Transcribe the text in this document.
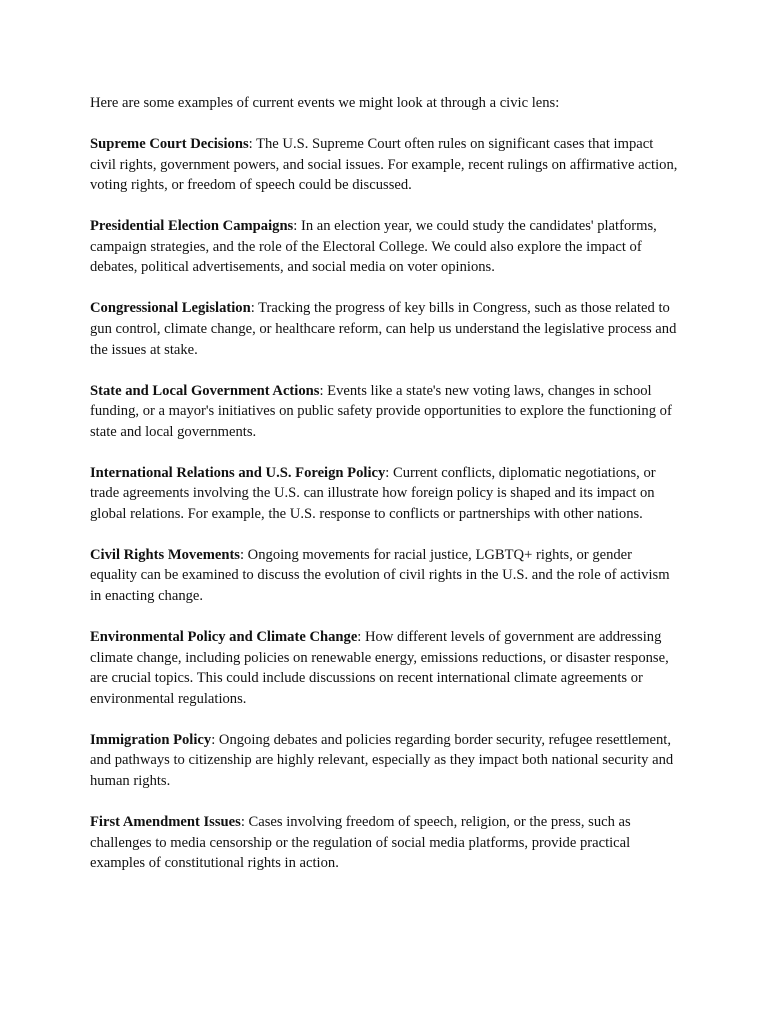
Here are some examples of current events we might look at through a civic lens:

Supreme Court Decisions: The U.S. Supreme Court often rules on significant cases that impact civil rights, government powers, and social issues. For example, recent rulings on affirmative action, voting rights, or freedom of speech could be discussed.

Presidential Election Campaigns: In an election year, we could study the candidates' platforms, campaign strategies, and the role of the Electoral College. We could also explore the impact of debates, political advertisements, and social media on voter opinions.

Congressional Legislation: Tracking the progress of key bills in Congress, such as those related to gun control, climate change, or healthcare reform, can help us understand the legislative process and the issues at stake.

State and Local Government Actions: Events like a state's new voting laws, changes in school funding, or a mayor's initiatives on public safety provide opportunities to explore the functioning of state and local governments.

International Relations and U.S. Foreign Policy: Current conflicts, diplomatic negotiations, or trade agreements involving the U.S. can illustrate how foreign policy is shaped and its impact on global relations. For example, the U.S. response to conflicts or partnerships with other nations.

Civil Rights Movements: Ongoing movements for racial justice, LGBTQ+ rights, or gender equality can be examined to discuss the evolution of civil rights in the U.S. and the role of activism in enacting change.

Environmental Policy and Climate Change: How different levels of government are addressing climate change, including policies on renewable energy, emissions reductions, or disaster response, are crucial topics. This could include discussions on recent international climate agreements or environmental regulations.

Immigration Policy: Ongoing debates and policies regarding border security, refugee resettlement, and pathways to citizenship are highly relevant, especially as they impact both national security and human rights.

First Amendment Issues: Cases involving freedom of speech, religion, or the press, such as challenges to media censorship or the regulation of social media platforms, provide practical examples of constitutional rights in action.
